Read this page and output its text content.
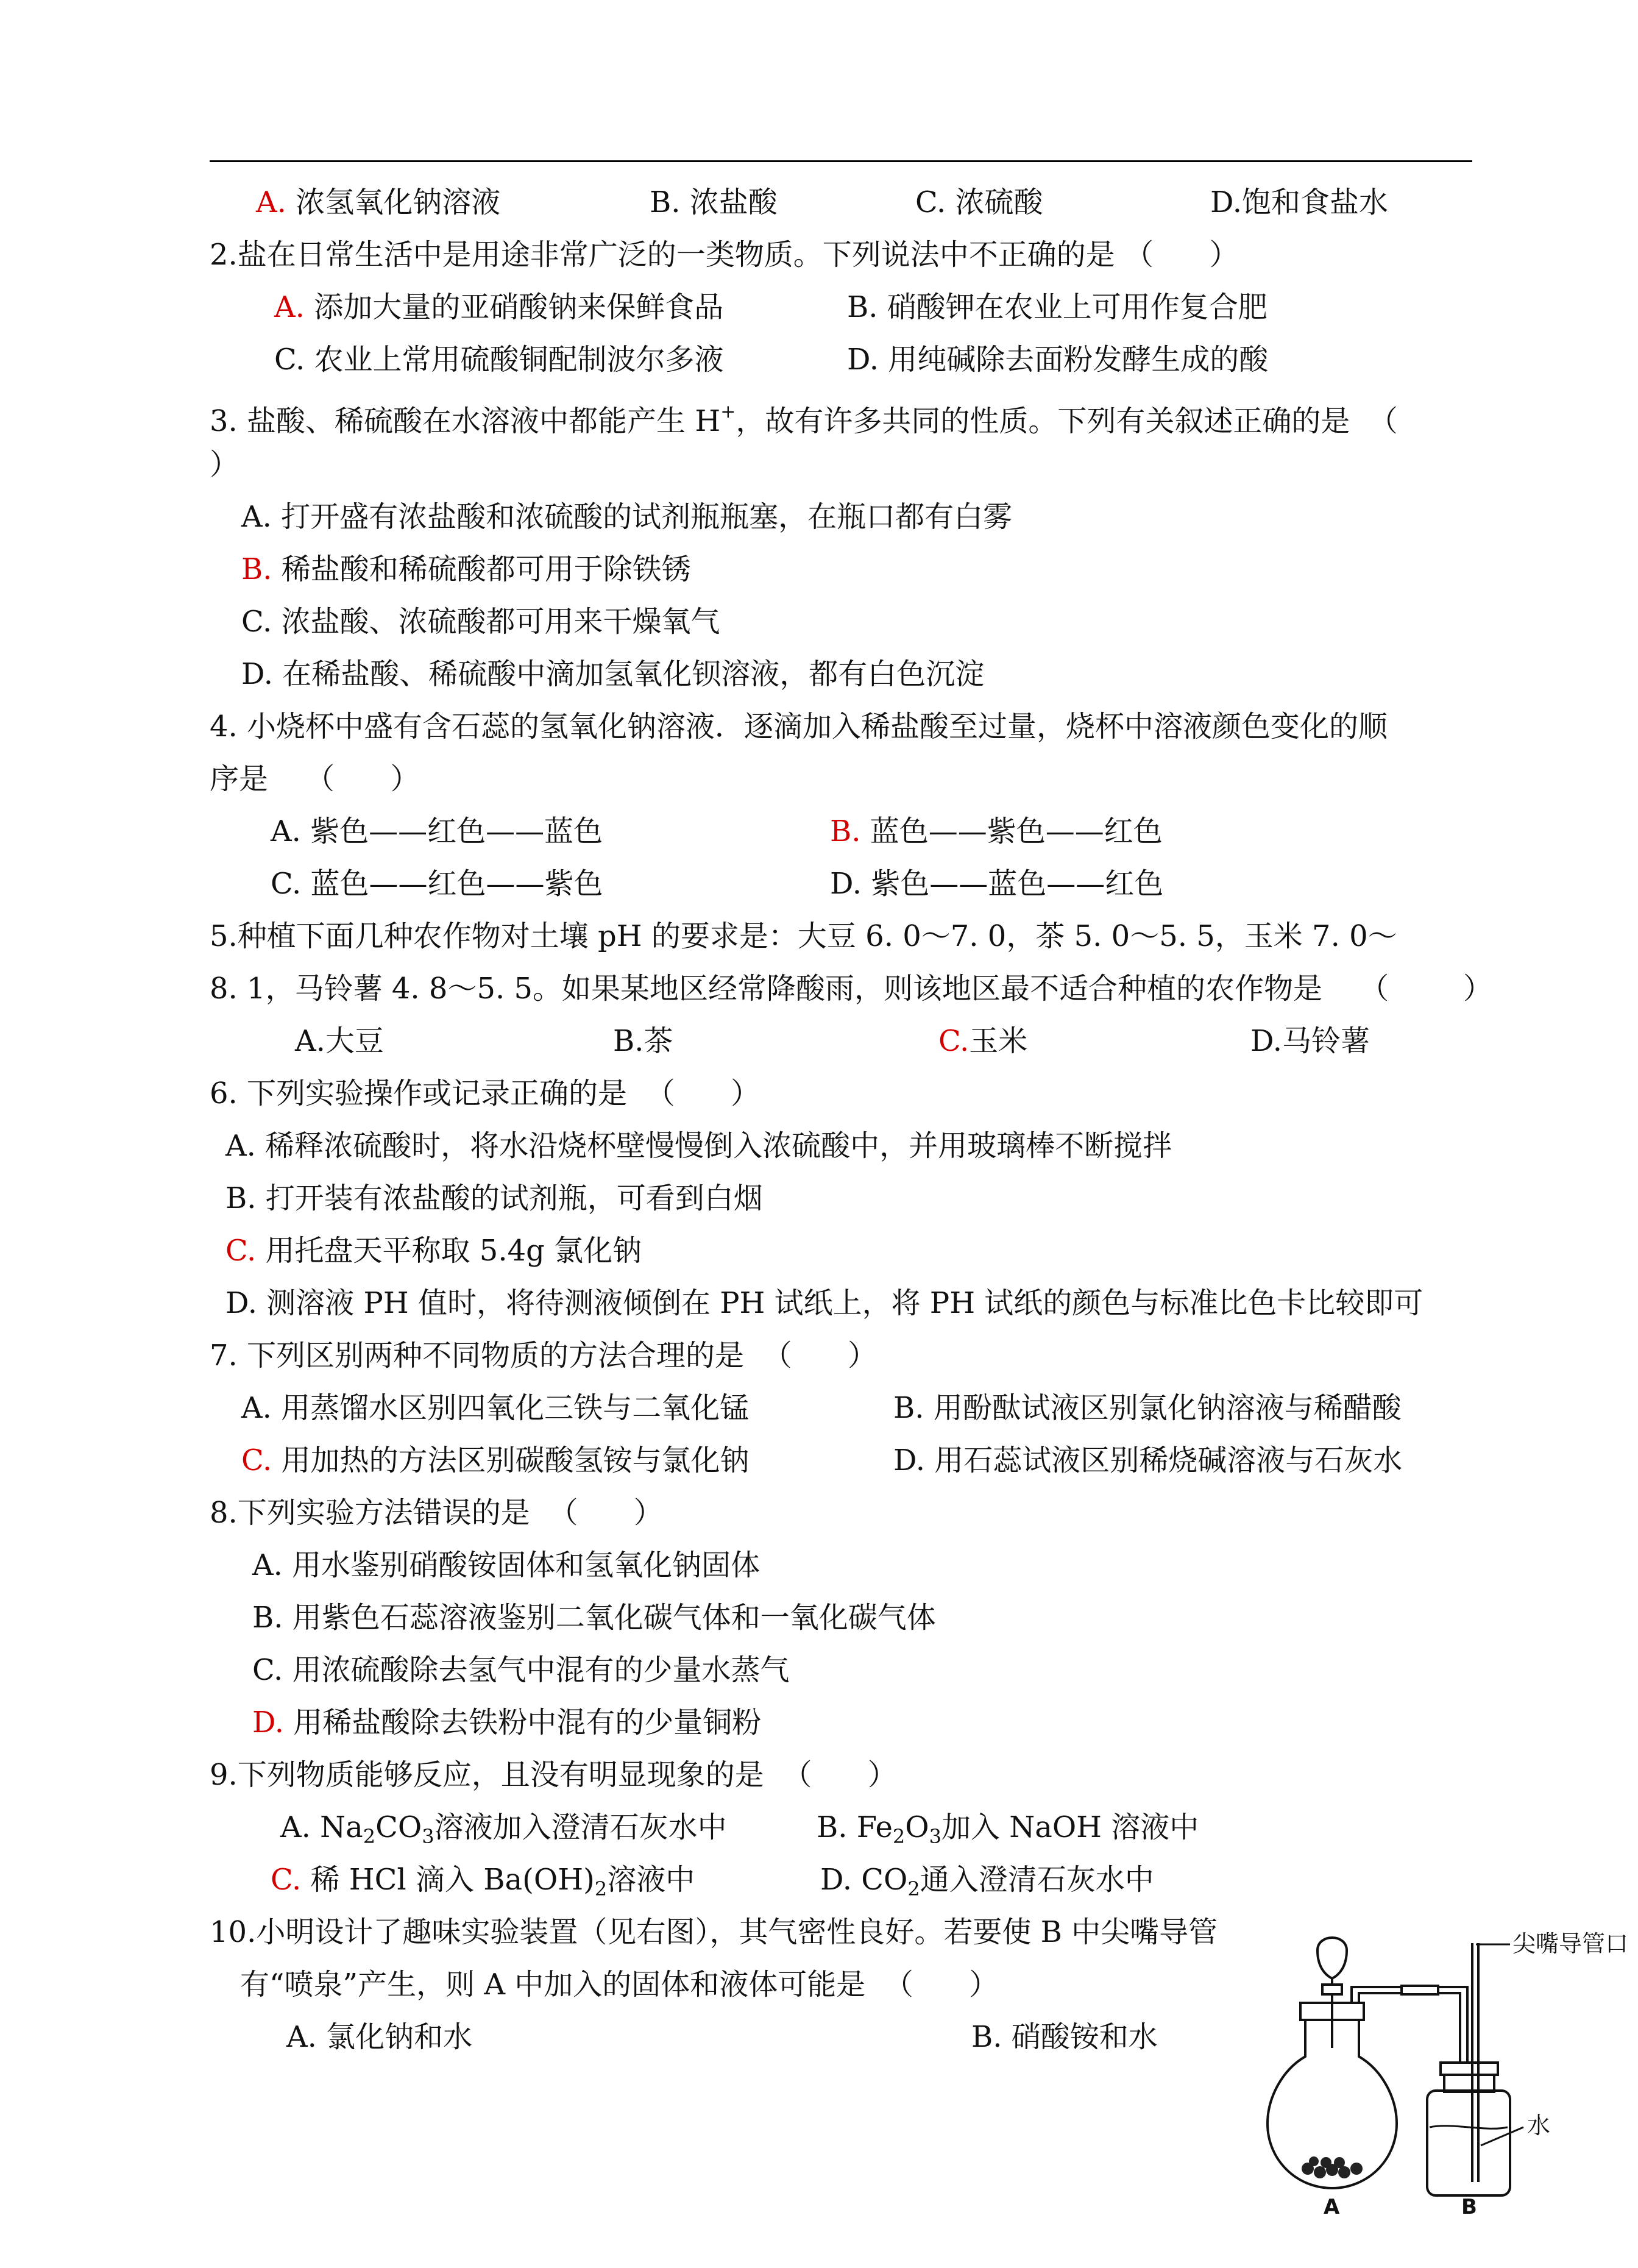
A. 浓氢氧化钠溶液	B. 浓盐酸	C. 浓硫酸	D.饱和食盐水
2.盐在日常生活中是用途非常广泛的一类物质。下列说法中不正确的是 （      ）
A. 添加大量的亚硝酸钠来保鲜食品	B. 硝酸钾在农业上可用作复合肥
C. 农业上常用硫酸铜配制波尔多液	D. 用纯碱除去面粉发酵生成的酸
3. 盐酸、稀硫酸在水溶液中都能产生 H+，故有许多共同的性质。下列有关叙述正确的是  （
）
A. 打开盛有浓盐酸和浓硫酸的试剂瓶瓶塞，在瓶口都有白雾
B. 稀盐酸和稀硫酸都可用于除铁锈
C. 浓盐酸、浓硫酸都可用来干燥氧气
D. 在稀盐酸、稀硫酸中滴加氢氧化钡溶液，都有白色沉淀
4. 小烧杯中盛有含石蕊的氢氧化钠溶液．逐滴加入稀盐酸至过量，烧杯中溶液颜色变化的顺
序是    （      ）
A. 紫色——红色——蓝色	B. 蓝色——紫色——红色
C. 蓝色——红色——紫色	D. 紫色——蓝色——红色
5.种植下面几种农作物对土壤 pH 的要求是：大豆 6. 0～7. 0，茶 5. 0～5. 5，玉米 7. 0～
8. 1，马铃薯 4. 8～5. 5。如果某地区经常降酸雨，则该地区最不适合种植的农作物是    （        ）
A.大豆	B.茶	C.玉米	D.马铃薯
6. 下列实验操作或记录正确的是  （      ）
A. 稀释浓硫酸时，将水沿烧杯壁慢慢倒入浓硫酸中，并用玻璃棒不断搅拌
B. 打开装有浓盐酸的试剂瓶，可看到白烟
C. 用托盘天平称取 5.4g 氯化钠
D. 测溶液 PH 值时，将待测液倾倒在 PH 试纸上，将 PH 试纸的颜色与标准比色卡比较即可
7. 下列区别两种不同物质的方法合理的是  （      ）
A. 用蒸馏水区别四氧化三铁与二氧化锰	B. 用酚酞试液区别氯化钠溶液与稀醋酸
C. 用加热的方法区别碳酸氢铵与氯化钠	D. 用石蕊试液区别稀烧碱溶液与石灰水
8.下列实验方法错误的是  （      ）
A. 用水鉴别硝酸铵固体和氢氧化钠固体
B. 用紫色石蕊溶液鉴别二氧化碳气体和一氧化碳气体
C. 用浓硫酸除去氢气中混有的少量水蒸气
D. 用稀盐酸除去铁粉中混有的少量铜粉
9.下列物质能够反应，且没有明显现象的是  （      ）
A. $Na_2CO_3$溶液加入澄清石灰水中	B. $Fe_2O_3$加入 NaOH 溶液中
C. 稀 HCl 滴入 $Ba(OH)_2$溶液中	D. $CO_2$通入澄清石灰水中
10.小明设计了趣味实验装置（见右图），其气密性良好。若要使 B 中尖嘴导管
有“喷泉”产生，则 A 中加入的固体和液体可能是  （      ）
A. 氯化钠和水	B. 硝酸铵和水
尖嘴导管口
水
A	B
